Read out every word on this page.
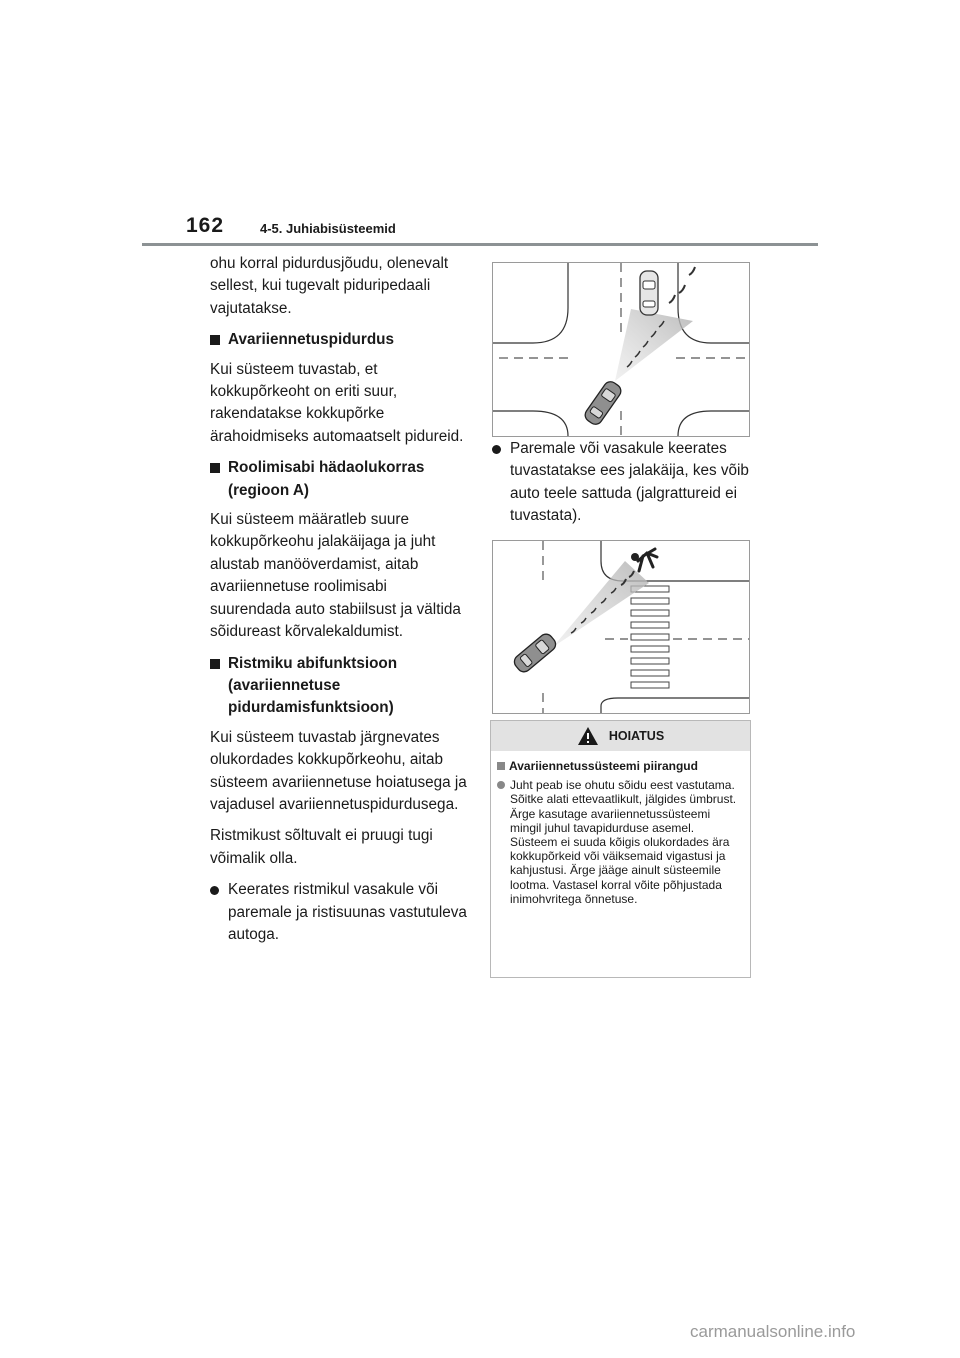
162	4-5. Juhiabisüsteemid

ohu korral pidurdusjõudu, olenevalt sellest, kui tugevalt piduripedaali vajutatakse.

Avariiennetuspidurdus

Kui süsteem tuvastab, et kokkupõrkeoht on eriti suur, rakendatakse kokkupõrke ärahoidmiseks automaatselt pidureid.

Roolimisabi hädaolukorras (regioon A)

Kui süsteem määratleb suure kokkupõrkeohu jalakäijaga ja juht alustab manööverdamist, aitab avariiennetuse roolimisabi suurendada auto stabiilsust ja vältida sõidureast kõrvalekaldumist.

Ristmiku abifunktsioon (avariiennetuse pidurdamisfunktsioon)

Kui süsteem tuvastab järgnevates olukordades kokkupõrkeohu, aitab süsteem avariiennetuse hoiatusega ja vajadusel avariiennetuspidurdusega.

Ristmikust sõltuvalt ei pruugi tugi võimalik olla.

Keerates ristmikul vasakule või paremale ja ristisuunas vastutuleva autoga.
Paremale või vasakule keerates tuvastatakse ees jalakäija, kes võib auto teele sattuda (jalgrattureid ei tuvastata).
HOIATUS
Avariiennetussüsteemi piirangud
Juht peab ise ohutu sõidu eest vastutama. Sõitke alati ettevaatlikult, jälgides ümbrust. Ärge kasutage avariiennetussüsteemi mingil juhul tavapidurduse asemel. Süsteem ei suuda kõigis olukordades ära kokkupõrkeid või väiksemaid vigastusi ja kahjustusi. Ärge jääge ainult süsteemile lootma. Vastasel korral võite põhjustada inimohvritega õnnetuse.
carmanualsonline.info
